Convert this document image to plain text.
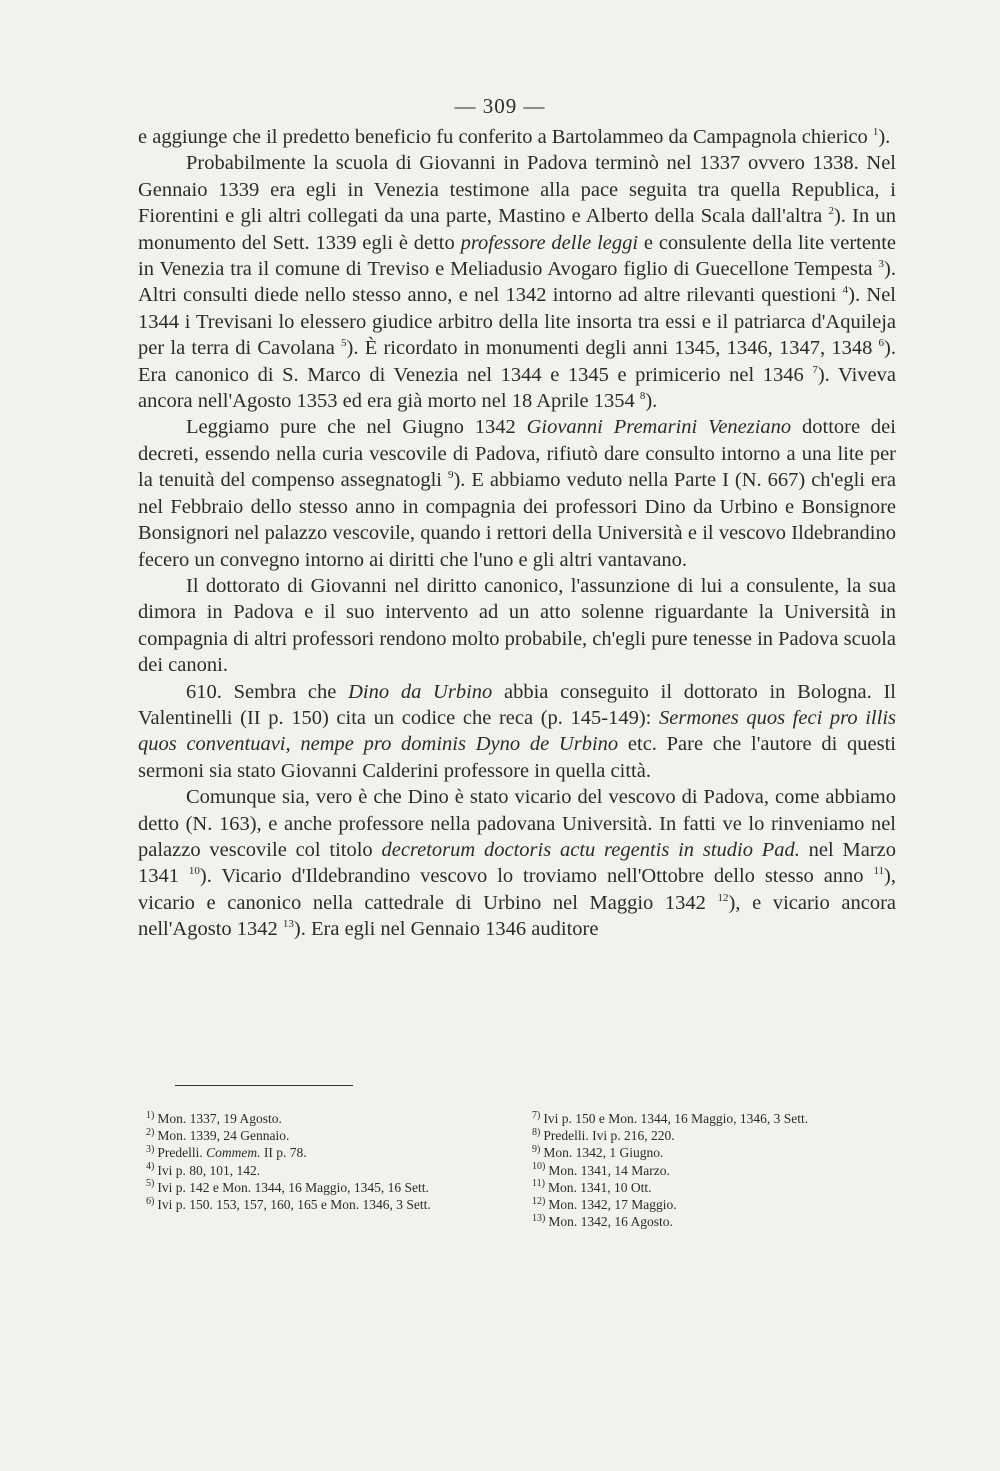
— 309 —

e aggiunge che il predetto beneficio fu conferito a Bartolammeo da Campagnola chierico $^1$).

Probabilmente la scuola di Giovanni in Padova terminò nel 1337 ovvero 1338. Nel Gennaio 1339 era egli in Venezia testimone alla pace seguita tra quella Republica, i Fiorentini e gli altri collegati da una parte, Mastino e Alberto della Scala dall'altra $^2$). In un monumento del Sett. 1339 egli è detto professore delle leggi e consulente della lite vertente in Venezia tra il comune di Treviso e Meliadusio Avogaro figlio di Guecellone Tempesta $^3$). Altri consulti diede nello stesso anno, e nel 1342 intorno ad altre rilevanti questioni $^4$). Nel 1344 i Trevisani lo elessero giudice arbitro della lite insorta tra essi e il patriarca d'Aquileja per la terra di Cavolana $^5$). È ricordato in monumenti degli anni 1345, 1346, 1347, 1348 $^6$). Era canonico di S. Marco di Venezia nel 1344 e 1345 e primicerio nel 1346 $^7$). Viveva ancora nell'Agosto 1353 ed era già morto nel 18 Aprile 1354 $^8$).

Leggiamo pure che nel Giugno 1342 Giovanni Premarini Veneziano dottore dei decreti, essendo nella curia vescovile di Padova, rifiutò dare consulto intorno a una lite per la tenuità del compenso assegnatogli $^9$). E abbiamo veduto nella Parte I (N. 667) ch'egli era nel Febbraio dello stesso anno in compagnia dei professori Dino da Urbino e Bonsignore Bonsignori nel palazzo vescovile, quando i rettori della Università e il vescovo Ildebrandino fecero un convegno intorno ai diritti che l'uno e gli altri vantavano.

Il dottorato di Giovanni nel diritto canonico, l'assunzione di lui a consulente, la sua dimora in Padova e il suo intervento ad un atto solenne riguardante la Università in compagnia di altri professori rendono molto probabile, ch'egli pure tenesse in Padova scuola dei canoni.

610. Sembra che Dino da Urbino abbia conseguito il dottorato in Bologna. Il Valentinelli (II p. 150) cita un codice che reca (p. 145-149): Sermones quos feci pro illis quos conventuavi, nempe pro dominis Dyno de Urbino etc. Pare che l'autore di questi sermoni sia stato Giovanni Calderini professore in quella città.

Comunque sia, vero è che Dino è stato vicario del vescovo di Padova, come abbiamo detto (N. 163), e anche professore nella padovana Università. In fatti ve lo rinveniamo nel palazzo vescovile col titolo decretorum doctoris actu regentis in studio Pad. nel Marzo 1341 $^{10}$). Vicario d'Ildebrandino vescovo lo troviamo nell'Ottobre dello stesso anno $^{11}$), vicario e canonico nella cattedrale di Urbino nel Maggio 1342 $^{12}$), e vicario ancora nell'Agosto 1342 $^{13}$). Era egli nel Gennaio 1346 auditore

$^{1)}$ Mon. 1337, 19 Agosto.

$^{2)}$ Mon. 1339, 24 Gennaio.

$^{3)}$ Predelli. Commem. II p. 78.

$^{4)}$ Ivi p. 80, 101, 142.

$^{5)}$ Ivi p. 142 e Mon. 1344, 16 Maggio, 1345, 16 Sett.

$^{6)}$ Ivi p. 150. 153, 157, 160, 165 e Mon. 1346, 3 Sett.

$^{7)}$ Ivi p. 150 e Mon. 1344, 16 Maggio, 1346, 3 Sett.

$^{8)}$ Predelli. Ivi p. 216, 220.

$^{9)}$ Mon. 1342, 1 Giugno.

$^{10)}$ Mon. 1341, 14 Marzo.

$^{11)}$ Mon. 1341, 10 Ott.

$^{12)}$ Mon. 1342, 17 Maggio.

$^{13)}$ Mon. 1342, 16 Agosto.
